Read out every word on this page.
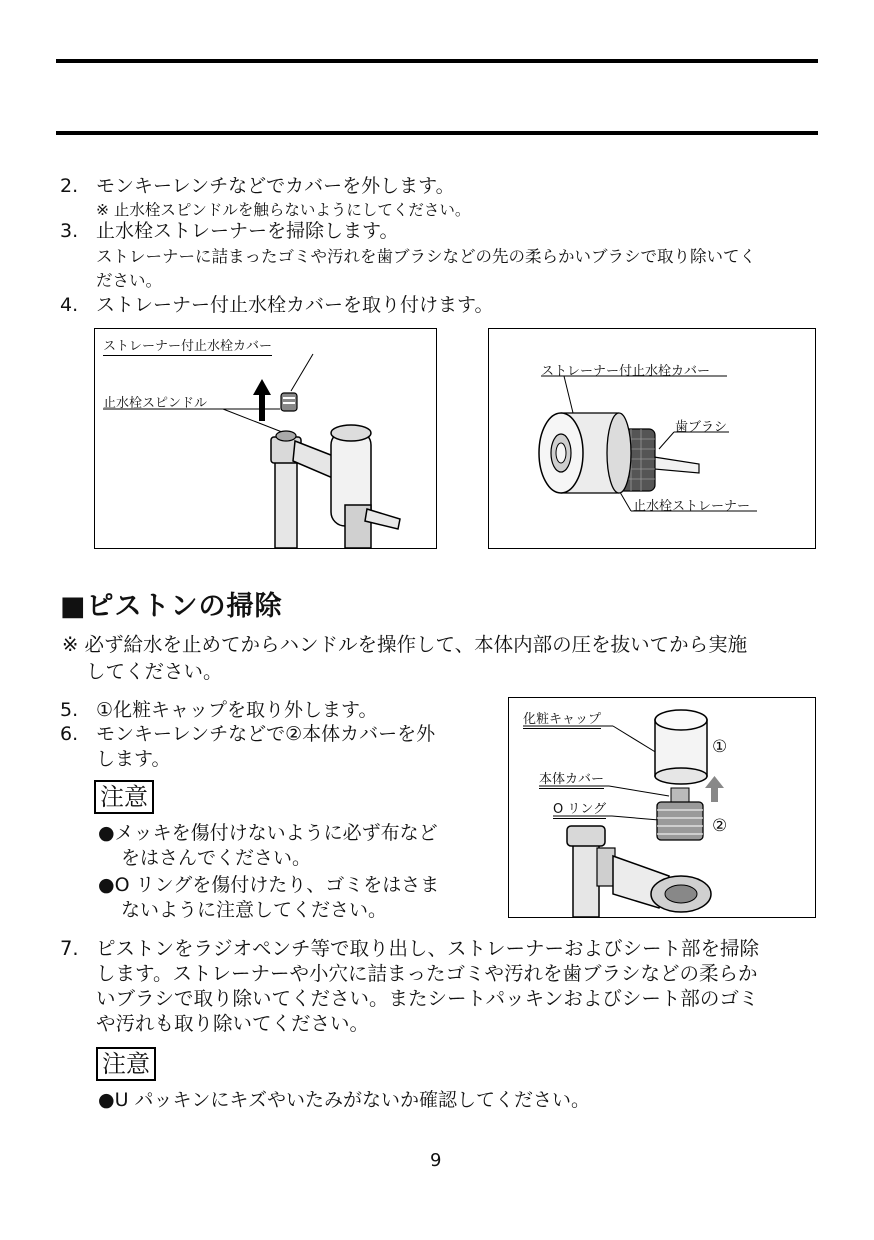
2. モンキーレンチなどでカバーを外します。
※ 止水栓スピンドルを触らないようにしてください。
3. 止水栓ストレーナーを掃除します。
ストレーナーに詰まったゴミや汚れを歯ブラシなどの先の柔らかいブラシで取り除いてく
ださい。
4. ストレーナー付止水栓カバーを取り付けます。
ストレーナー付止水栓カバー
止水栓スピンドル
ストレーナー付止水栓カバー
歯ブラシ
止水栓ストレーナー
■ピストンの掃除
※ 必ず給水を止めてからハンドルを操作して、本体内部の圧を抜いてから実施
してください。
5. ①化粧キャップを取り外します。
6. モンキーレンチなどで②本体カバーを外
します。
注意
●メッキを傷付けないように必ず布など
をはさんでください。
●O リングを傷付けたり、ゴミをはさま
ないように注意してください。
化粧キャップ
本体カバー
O リング
①
②
7. ピストンをラジオペンチ等で取り出し、ストレーナーおよびシート部を掃除
します。ストレーナーや小穴に詰まったゴミや汚れを歯ブラシなどの柔らか
いブラシで取り除いてください。またシートパッキンおよびシート部のゴミ
や汚れも取り除いてください。
注意
●U パッキンにキズやいたみがないか確認してください。
9
